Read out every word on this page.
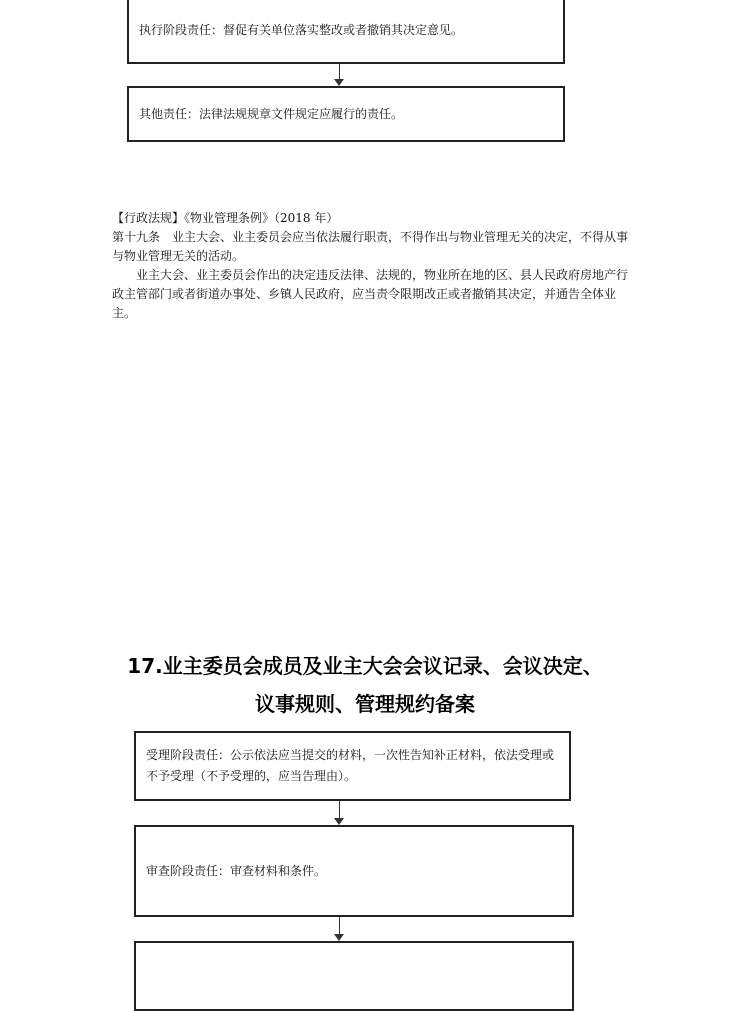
执行阶段责任：督促有关单位落实整改或者撤销其决定意见。
其他责任：法律法规规章文件规定应履行的责任。

【行政法规】《物业管理条例》（2018 年）

第十九条　业主大会、业主委员会应当依法履行职责，不得作出与物业管理无关的决定，不得从事与物业管理无关的活动。

业主大会、业主委员会作出的决定违反法律、法规的，物业所在地的区、县人民政府房地产行政主管部门或者街道办事处、乡镇人民政府，应当责令限期改正或者撤销其决定，并通告全体业主。

17.业主委员会成员及业主大会会议记录、会议决定、
议事规则、管理规约备案
受理阶段责任：公示依法应当提交的材料，一次性告知补正材料，依法受理或不予受理（不予受理的，应当告理由）。
审查阶段责任：审查材料和条件。
